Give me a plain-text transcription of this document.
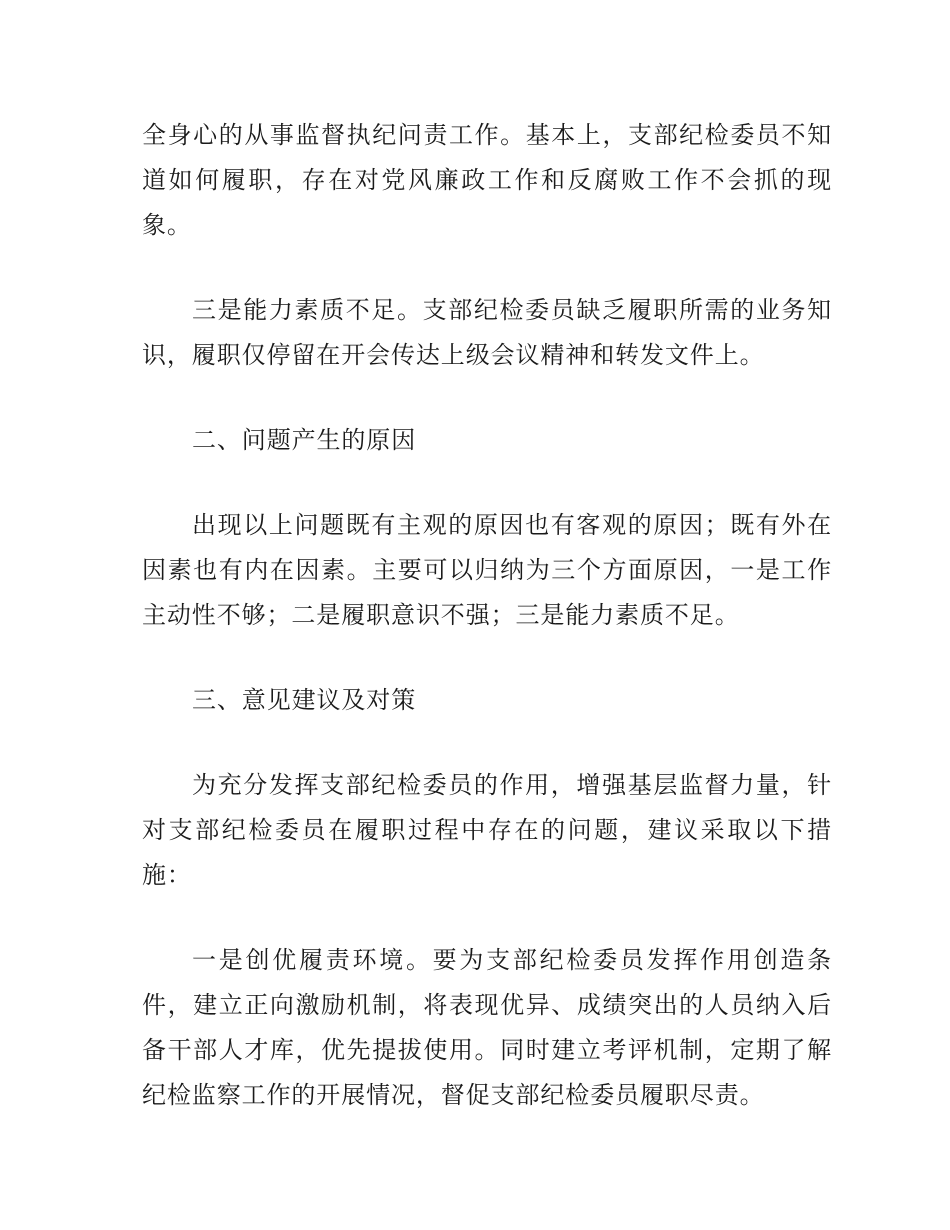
全身心的从事监督执纪问责工作。基本上，支部纪检委员不知道如何履职，存在对党风廉政工作和反腐败工作不会抓的现象。

三是能力素质不足。支部纪检委员缺乏履职所需的业务知识，履职仅停留在开会传达上级会议精神和转发文件上。

二、问题产生的原因

出现以上问题既有主观的原因也有客观的原因；既有外在因素也有内在因素。主要可以归纳为三个方面原因，一是工作主动性不够；二是履职意识不强；三是能力素质不足。

三、意见建议及对策

为充分发挥支部纪检委员的作用，增强基层监督力量，针对支部纪检委员在履职过程中存在的问题，建议采取以下措施：

一是创优履责环境。要为支部纪检委员发挥作用创造条件，建立正向激励机制，将表现优异、成绩突出的人员纳入后备干部人才库，优先提拔使用。同时建立考评机制，定期了解纪检监察工作的开展情况，督促支部纪检委员履职尽责。
